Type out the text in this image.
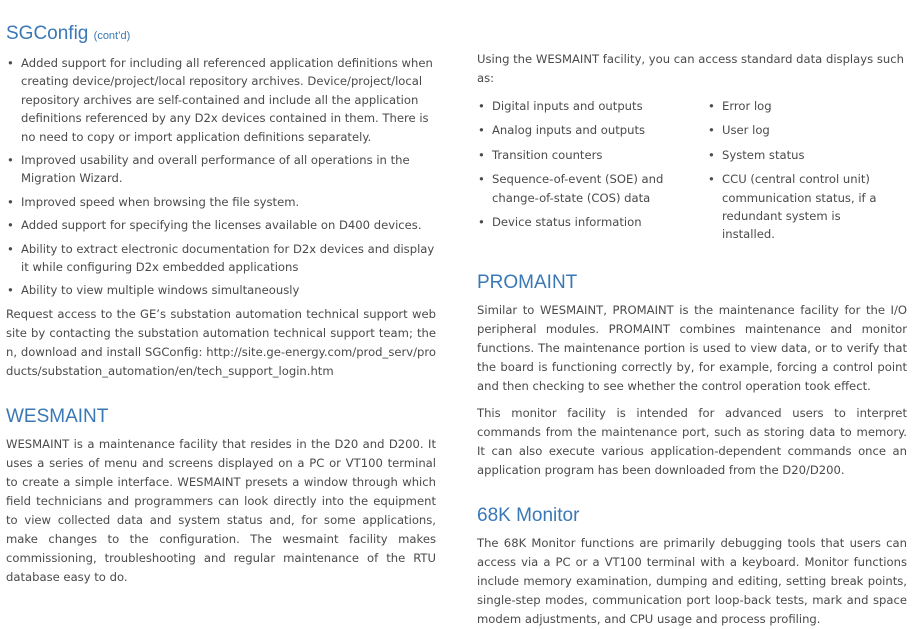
SGConfig (cont’d)
• Added support for including all referenced application definitions when creating device/project/local repository archives. Device/project/local repository archives are self-contained and include all the application definitions referenced by any D2x devices contained in them. There is no need to copy or import application definitions separately.
• Improved usability and overall performance of all operations in the Migration Wizard.
• Improved speed when browsing the file system.
• Added support for specifying the licenses available on D400 devices.
• Ability to extract electronic documentation for D2x devices and display it while configuring D2x embedded applications
• Ability to view multiple windows simultaneously

Request access to the GE’s substation automation technical support website by contacting the substation automation technical support team; then, download and install SGConfig: http://site.ge-energy.com/prod_serv/products/substation_automation/en/tech_support_login.htm

WESMAINT

WESMAINT is a maintenance facility that resides in the D20 and D200. It uses a series of menu and screens displayed on a PC or VT100 terminal to create a simple interface. WESMAINT presets a window through which field technicians and programmers can look directly into the equipment to view collected data and system status and, for some applications, make changes to the configuration. The wesmaint facility makes commissioning, troubleshooting and regular maintenance of the RTU database easy to do.

Using the WESMAINT facility, you can access standard data displays such as:

• Digital inputs and outputs
• Analog inputs and outputs
• Transition counters
• Sequence-of-event (SOE) and change-of-state (COS) data
• Device status information
• Error log
• User log
• System status
• CCU (central control unit) communication status, if a redundant system is installed.
PROMAINT

Similar to WESMAINT, PROMAINT is the maintenance facility for the I/O peripheral modules. PROMAINT combines maintenance and monitor functions. The maintenance portion is used to view data, or to verify that the board is functioning correctly by, for example, forcing a control point and then checking to see whether the control operation took effect.

This monitor facility is intended for advanced users to interpret commands from the maintenance port, such as storing data to memory. It can also execute various application-dependent commands once an application program has been downloaded from the D20/D200.

68K Monitor

The 68K Monitor functions are primarily debugging tools that users can access via a PC or a VT100 terminal with a keyboard. Monitor functions include memory examination, dumping and editing, setting break points, single-step modes, communication port loop-back tests, mark and space modem adjustments, and CPU usage and process profiling.
